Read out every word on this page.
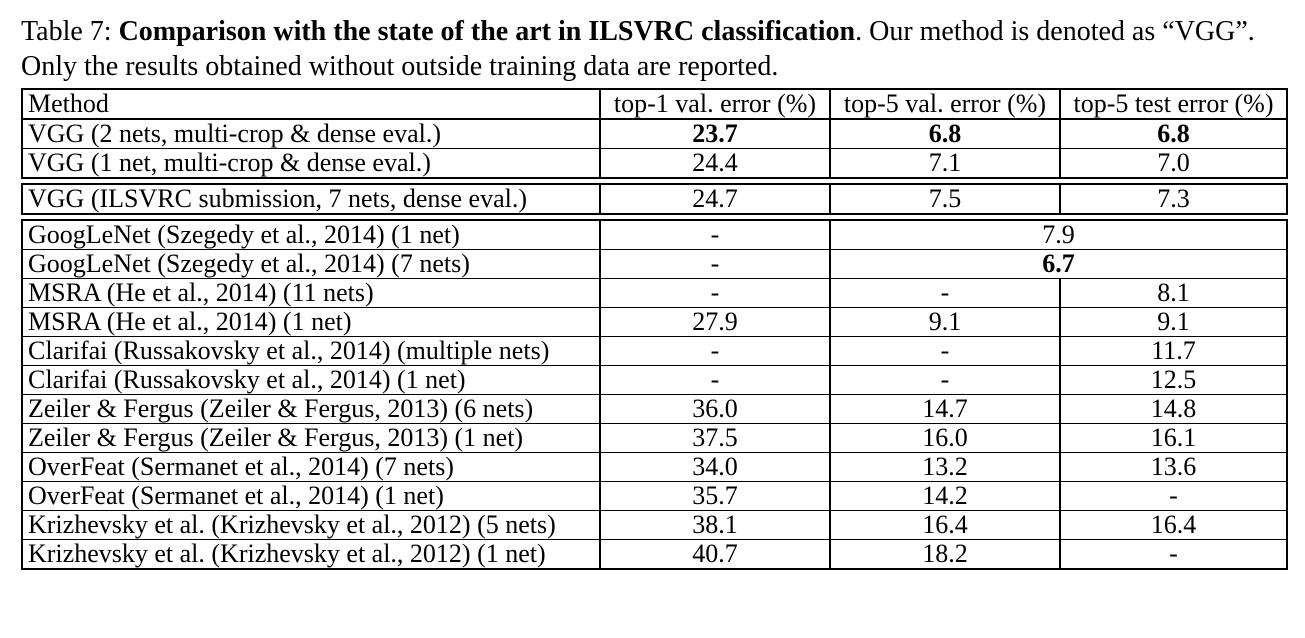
Table 7: Comparison with the state of the art in ILSVRC classification. Our method is denoted as “VGG”. Only the results obtained without outside training data are reported.
Method	top-1 val. error (%)	top-5 val. error (%)	top-5 test error (%)
VGG (2 nets, multi-crop & dense eval.)	23.7	6.8	6.8
VGG (1 net, multi-crop & dense eval.)	24.4	7.1	7.0

VGG (ILSVRC submission, 7 nets, dense eval.)	24.7	7.5	7.3

GoogLeNet (Szegedy et al., 2014) (1 net)	-	7.9	
GoogLeNet (Szegedy et al., 2014) (7 nets)	-	6.7	
MSRA (He et al., 2014) (11 nets)	-	-	8.1
MSRA (He et al., 2014) (1 net)	27.9	9.1	9.1
Clarifai (Russakovsky et al., 2014) (multiple nets)	-	-	11.7
Clarifai (Russakovsky et al., 2014) (1 net)	-	-	12.5
Zeiler & Fergus (Zeiler & Fergus, 2013) (6 nets)	36.0	14.7	14.8
Zeiler & Fergus (Zeiler & Fergus, 2013) (1 net)	37.5	16.0	16.1
OverFeat (Sermanet et al., 2014) (7 nets)	34.0	13.2	13.6
OverFeat (Sermanet et al., 2014) (1 net)	35.7	14.2	-
Krizhevsky et al. (Krizhevsky et al., 2012) (5 nets)	38.1	16.4	16.4
Krizhevsky et al. (Krizhevsky et al., 2012) (1 net)	40.7	18.2	-
